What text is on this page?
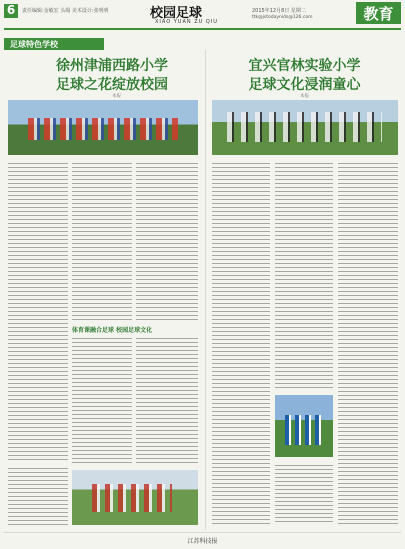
6	责任编辑:金敏宏 头缀 美术设计:张明明	校园足球
XIAO YUAN ZU QIU
2015年12月8日 星期二
ttk@jstodaynids@126.com	教育
足球特色学校
徐州津浦西路小学
足球之花绽放校园
本报
宜兴官林实验小学
足球文化浸润童心
本报
体育课融合足球 校园足球文化
江苏科技报
